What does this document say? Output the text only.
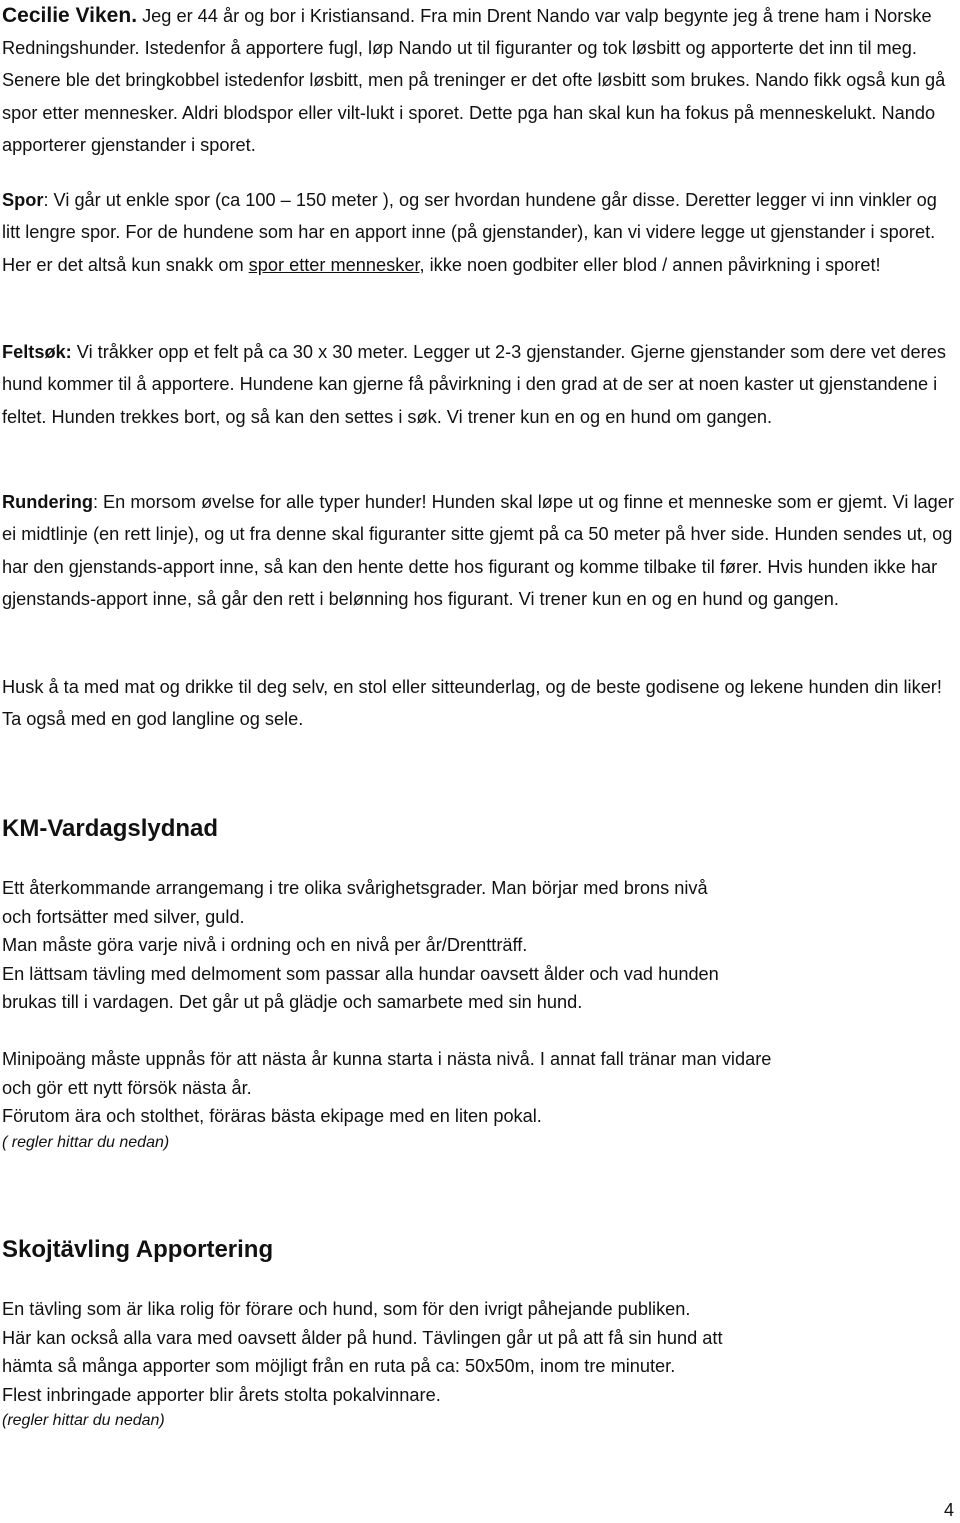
Cecilie Viken. Jeg er 44 år og bor i Kristiansand. Fra min Drent Nando var valp begynte jeg å trene ham i Norske Redningshunder. Istedenfor å apportere fugl, løp Nando ut til figuranter og tok løsbitt og apporterte det inn til meg. Senere ble det bringkobbel istedenfor løsbitt, men på treninger er det ofte løsbitt som brukes. Nando fikk også kun gå spor etter mennesker. Aldri blodspor eller vilt-lukt i sporet. Dette pga han skal kun ha fokus på menneskelukt. Nando apporterer gjenstander i sporet.

Spor: Vi går ut enkle spor (ca 100 – 150 meter ), og ser hvordan hundene går disse. Deretter legger vi inn vinkler og litt lengre spor. For de hundene som har en apport inne (på gjenstander), kan vi videre legge ut gjenstander i sporet. Her er det altså kun snakk om spor etter mennesker, ikke noen godbiter eller blod / annen påvirkning i sporet!

Feltsøk: Vi tråkker opp et felt på ca 30 x 30 meter. Legger ut 2-3 gjenstander. Gjerne gjenstander som dere vet deres hund kommer til å apportere. Hundene kan gjerne få påvirkning i den grad at de ser at noen kaster ut gjenstandene i feltet. Hunden trekkes bort, og så kan den settes i søk. Vi trener kun en og en hund om gangen.

Rundering: En morsom øvelse for alle typer hunder! Hunden skal løpe ut og finne et menneske som er gjemt. Vi lager ei midtlinje (en rett linje), og ut fra denne skal figuranter sitte gjemt på ca 50 meter på hver side. Hunden sendes ut, og har den gjenstands-apport inne, så kan den hente dette hos figurant og komme tilbake til fører. Hvis hunden ikke har gjenstands-apport inne, så går den rett i belønning hos figurant. Vi trener kun en og en hund og gangen.

Husk å ta med mat og drikke til deg selv, en stol eller sitteunderlag, og de beste godisene og lekene hunden din liker! Ta også med en god langline og sele.

KM-Vardagslydnad

Ett återkommande arrangemang i tre olika svårighetsgrader. Man börjar med brons nivå

och fortsätter med silver, guld.

Man måste göra varje nivå i ordning och en nivå per år/Drentträff.

En lättsam tävling med delmoment som passar alla hundar oavsett ålder och vad hunden

brukas till i vardagen. Det går ut på glädje och samarbete med sin hund.

Minipoäng måste uppnås för att nästa år kunna starta i nästa nivå. I annat fall tränar man vidare

och gör ett nytt försök nästa år.

Förutom ära och stolthet, föräras bästa ekipage med en liten pokal.

( regler hittar du nedan)

Skojtävling Apportering

En tävling som är lika rolig för förare och hund, som för den ivrigt påhejande publiken.

Här kan också alla vara med oavsett ålder på hund. Tävlingen går ut på att få sin hund att

hämta så många apporter som möjligt från en ruta på ca: 50x50m, inom tre minuter.

Flest inbringade apporter blir årets stolta pokalvinnare.

(regler hittar du nedan)

4
